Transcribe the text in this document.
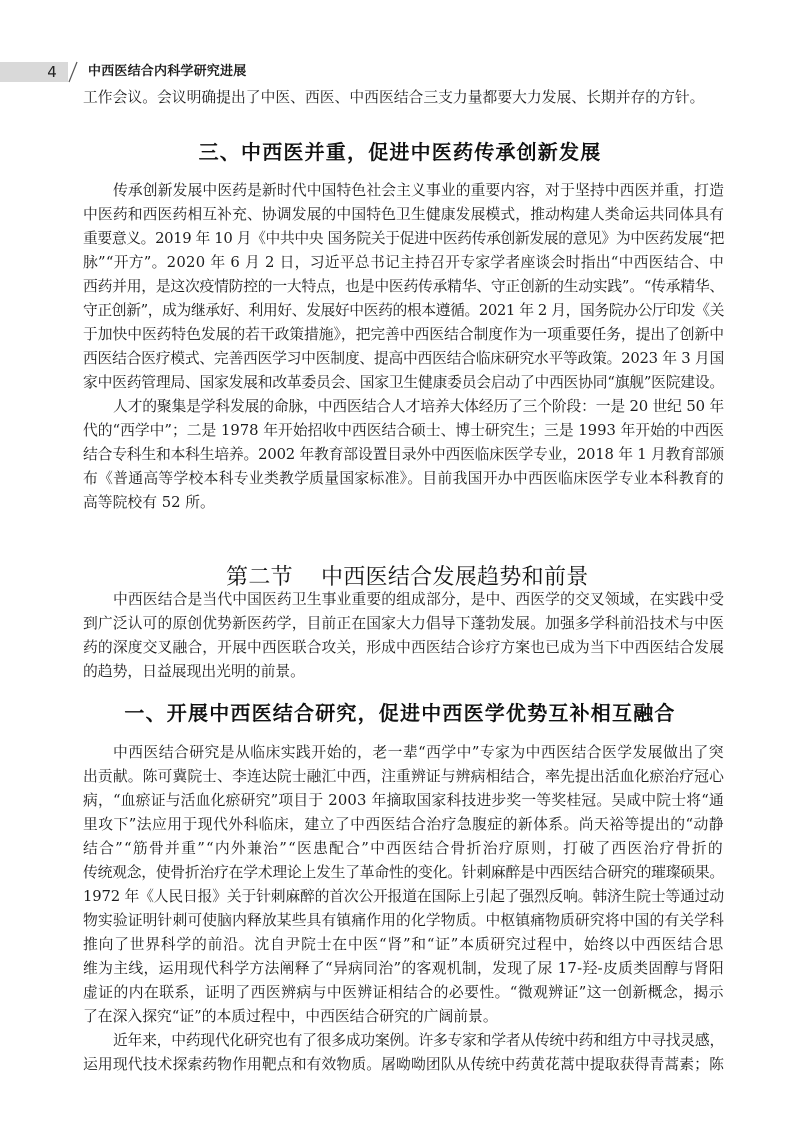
4	中西医结合内科学研究进展
工作会议。会议明确提出了中医、西医、中西医结合三支力量都要大力发展、长期并存的方针。
三、中西医并重，促进中医药传承创新发展
传承创新发展中医药是新时代中国特色社会主义事业的重要内容，对于坚持中西医并重，打造
中医药和西医药相互补充、协调发展的中国特色卫生健康发展模式，推动构建人类命运共同体具有
重要意义。2019 年 10 月《中共中央 国务院关于促进中医药传承创新发展的意见》为中医药发展“把
脉”“开方”。2020 年 6 月 2 日，习近平总书记主持召开专家学者座谈会时指出“中西医结合、中
西药并用，是这次疫情防控的一大特点，也是中医药传承精华、守正创新的生动实践”。“传承精华、
守正创新”，成为继承好、利用好、发展好中医药的根本遵循。2021 年 2 月，国务院办公厅印发《关
于加快中医药特色发展的若干政策措施》，把完善中西医结合制度作为一项重要任务，提出了创新中
西医结合医疗模式、完善西医学习中医制度、提高中西医结合临床研究水平等政策。2023 年 3 月国
家中医药管理局、国家发展和改革委员会、国家卫生健康委员会启动了中西医协同“旗舰”医院建设。
人才的聚集是学科发展的命脉，中西医结合人才培养大体经历了三个阶段：一是 20 世纪 50 年
代的“西学中”；二是 1978 年开始招收中西医结合硕士、博士研究生；三是 1993 年开始的中西医
结合专科生和本科生培养。2002 年教育部设置目录外中西医临床医学专业，2018 年 1 月教育部颁
布《普通高等学校本科专业类教学质量国家标准》。目前我国开办中西医临床医学专业本科教育的
高等院校有 52 所。

第二节 中西医结合发展趋势和前景

中西医结合是当代中国医药卫生事业重要的组成部分，是中、西医学的交叉领域，在实践中受
到广泛认可的原创优势新医药学，目前正在国家大力倡导下蓬勃发展。加强多学科前沿技术与中医
药的深度交叉融合，开展中西医联合攻关，形成中西医结合诊疗方案也已成为当下中西医结合发展
的趋势，日益展现出光明的前景。
一、开展中西医结合研究，促进中西医学优势互补相互融合
中西医结合研究是从临床实践开始的，老一辈“西学中”专家为中西医结合医学发展做出了突
出贡献。陈可冀院士、李连达院士融汇中西，注重辨证与辨病相结合，率先提出活血化瘀治疗冠心
病，“血瘀证与活血化瘀研究”项目于 2003 年摘取国家科技进步奖一等奖桂冠。吴咸中院士将“通
里攻下”法应用于现代外科临床，建立了中西医结合治疗急腹症的新体系。尚天裕等提出的“动静
结合”“筋骨并重”“内外兼治”“医患配合”中西医结合骨折治疗原则，打破了西医治疗骨折的
传统观念，使骨折治疗在学术理论上发生了革命性的变化。针刺麻醉是中西医结合研究的璀璨硕果。
1972 年《人民日报》关于针刺麻醉的首次公开报道在国际上引起了强烈反响。韩济生院士等通过动
物实验证明针刺可使脑内释放某些具有镇痛作用的化学物质。中枢镇痛物质研究将中国的有关学科
推向了世界科学的前沿。沈自尹院士在中医“肾”和“证”本质研究过程中，始终以中西医结合思
维为主线，运用现代科学方法阐释了“异病同治”的客观机制，发现了尿 17-羟-皮质类固醇与肾阳
虚证的内在联系，证明了西医辨病与中医辨证相结合的必要性。“微观辨证”这一创新概念，揭示
了在深入探究“证”的本质过程中，中西医结合研究的广阔前景。
近年来，中药现代化研究也有了很多成功案例。许多专家和学者从传统中药和组方中寻找灵感，
运用现代技术探索药物作用靶点和有效物质。屠呦呦团队从传统中药黄花蒿中提取获得青蒿素；陈
